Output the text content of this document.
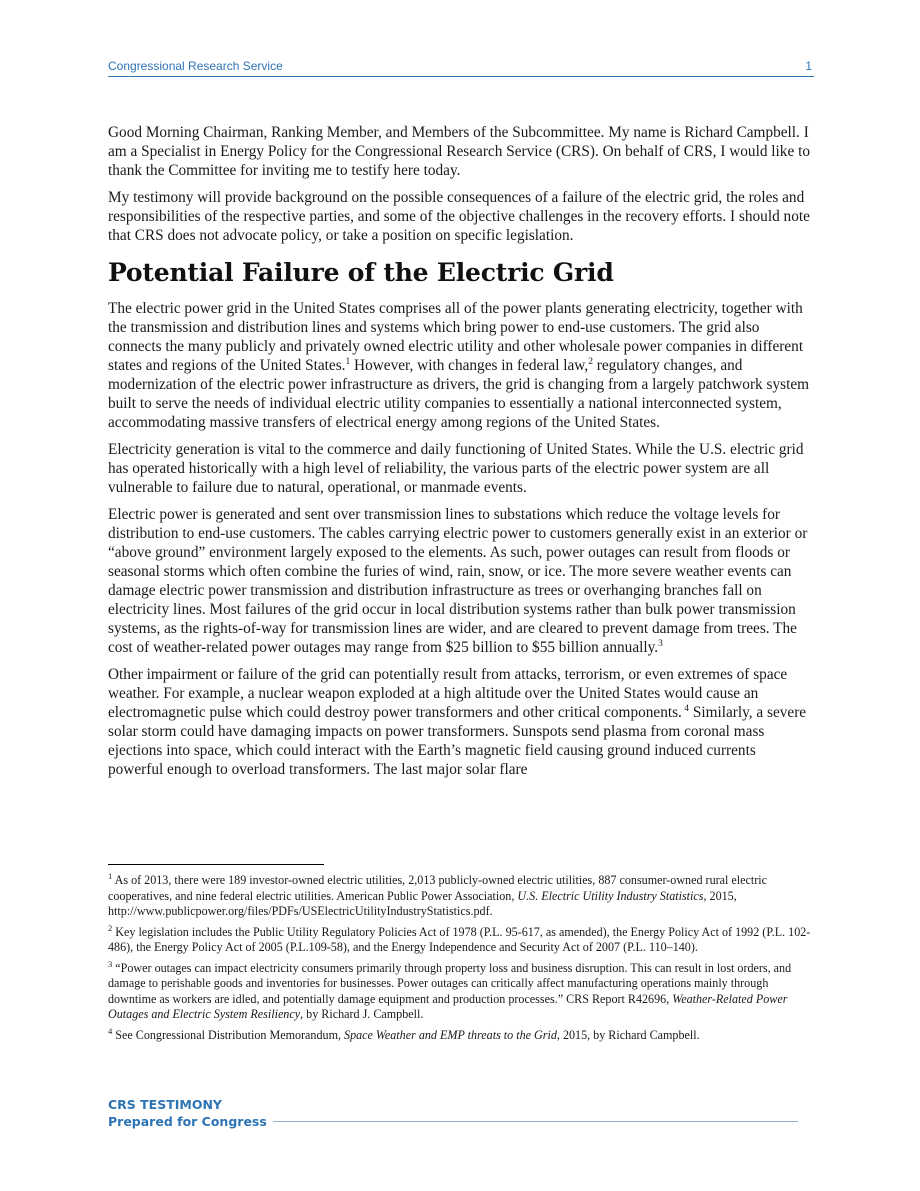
Congressional Research Service	1

Good Morning Chairman, Ranking Member, and Members of the Subcommittee. My name is Richard Campbell. I am a Specialist in Energy Policy for the Congressional Research Service (CRS). On behalf of CRS, I would like to thank the Committee for inviting me to testify here today.

My testimony will provide background on the possible consequences of a failure of the electric grid, the roles and responsibilities of the respective parties, and some of the objective challenges in the recovery efforts. I should note that CRS does not advocate policy, or take a position on specific legislation.

Potential Failure of the Electric Grid

The electric power grid in the United States comprises all of the power plants generating electricity, together with the transmission and distribution lines and systems which bring power to end-use customers. The grid also connects the many publicly and privately owned electric utility and other wholesale power companies in different states and regions of the United States.$^1$ However, with changes in federal law,$^2$ regulatory changes, and modernization of the electric power infrastructure as drivers, the grid is changing from a largely patchwork system built to serve the needs of individual electric utility companies to essentially a national interconnected system, accommodating massive transfers of electrical energy among regions of the United States.

Electricity generation is vital to the commerce and daily functioning of United States. While the U.S. electric grid has operated historically with a high level of reliability, the various parts of the electric power system are all vulnerable to failure due to natural, operational, or manmade events.

Electric power is generated and sent over transmission lines to substations which reduce the voltage levels for distribution to end-use customers. The cables carrying electric power to customers generally exist in an exterior or “above ground” environment largely exposed to the elements. As such, power outages can result from floods or seasonal storms which often combine the furies of wind, rain, snow, or ice. The more severe weather events can damage electric power transmission and distribution infrastructure as trees or overhanging branches fall on electricity lines. Most failures of the grid occur in local distribution systems rather than bulk power transmission systems, as the rights-of-way for transmission lines are wider, and are cleared to prevent damage from trees. The cost of weather-related power outages may range from $25 billion to $55 billion annually.$^3$

Other impairment or failure of the grid can potentially result from attacks, terrorism, or even extremes of space weather. For example, a nuclear weapon exploded at a high altitude over the United States would cause an electromagnetic pulse which could destroy power transformers and other critical components. $^4$ Similarly, a severe solar storm could have damaging impacts on power transformers. Sunspots send plasma from coronal mass ejections into space, which could interact with the Earth’s magnetic field causing ground induced currents powerful enough to overload transformers. The last major solar flare

$^1$ As of 2013, there were 189 investor-owned electric utilities, 2,013 publicly-owned electric utilities, 887 consumer-owned rural electric cooperatives, and nine federal electric utilities. American Public Power Association, U.S. Electric Utility Industry Statistics, 2015, http://www.publicpower.org/files/PDFs/USElectricUtilityIndustryStatistics.pdf.

$^2$ Key legislation includes the Public Utility Regulatory Policies Act of 1978 (P.L. 95-617, as amended), the Energy Policy Act of 1992 (P.L. 102-486), the Energy Policy Act of 2005 (P.L.109-58), and the Energy Independence and Security Act of 2007 (P.L. 110–140).

$^3$ “Power outages can impact electricity consumers primarily through property loss and business disruption. This can result in lost orders, and damage to perishable goods and inventories for businesses. Power outages can critically affect manufacturing operations mainly through downtime as workers are idled, and potentially damage equipment and production processes.” CRS Report R42696, Weather-Related Power Outages and Electric System Resiliency, by Richard J. Campbell.

$^4$ See Congressional Distribution Memorandum, Space Weather and EMP threats to the Grid, 2015, by Richard Campbell.

CRS TESTIMONY
Prepared for Congress
